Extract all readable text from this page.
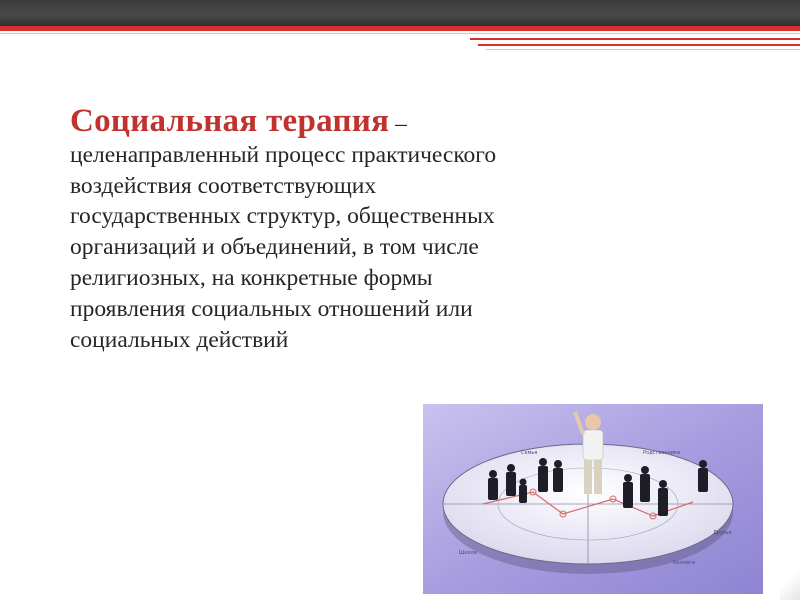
Социальная терапия –
целенаправленный процесс практического
воздействия соответствующих
государственных структур, общественных
организаций и объединений, в том числе
религиозных, на конкретные формы
проявления социальных отношений или
социальных действий
Семья	Родственники
Школа
Друзья
Коллеги
